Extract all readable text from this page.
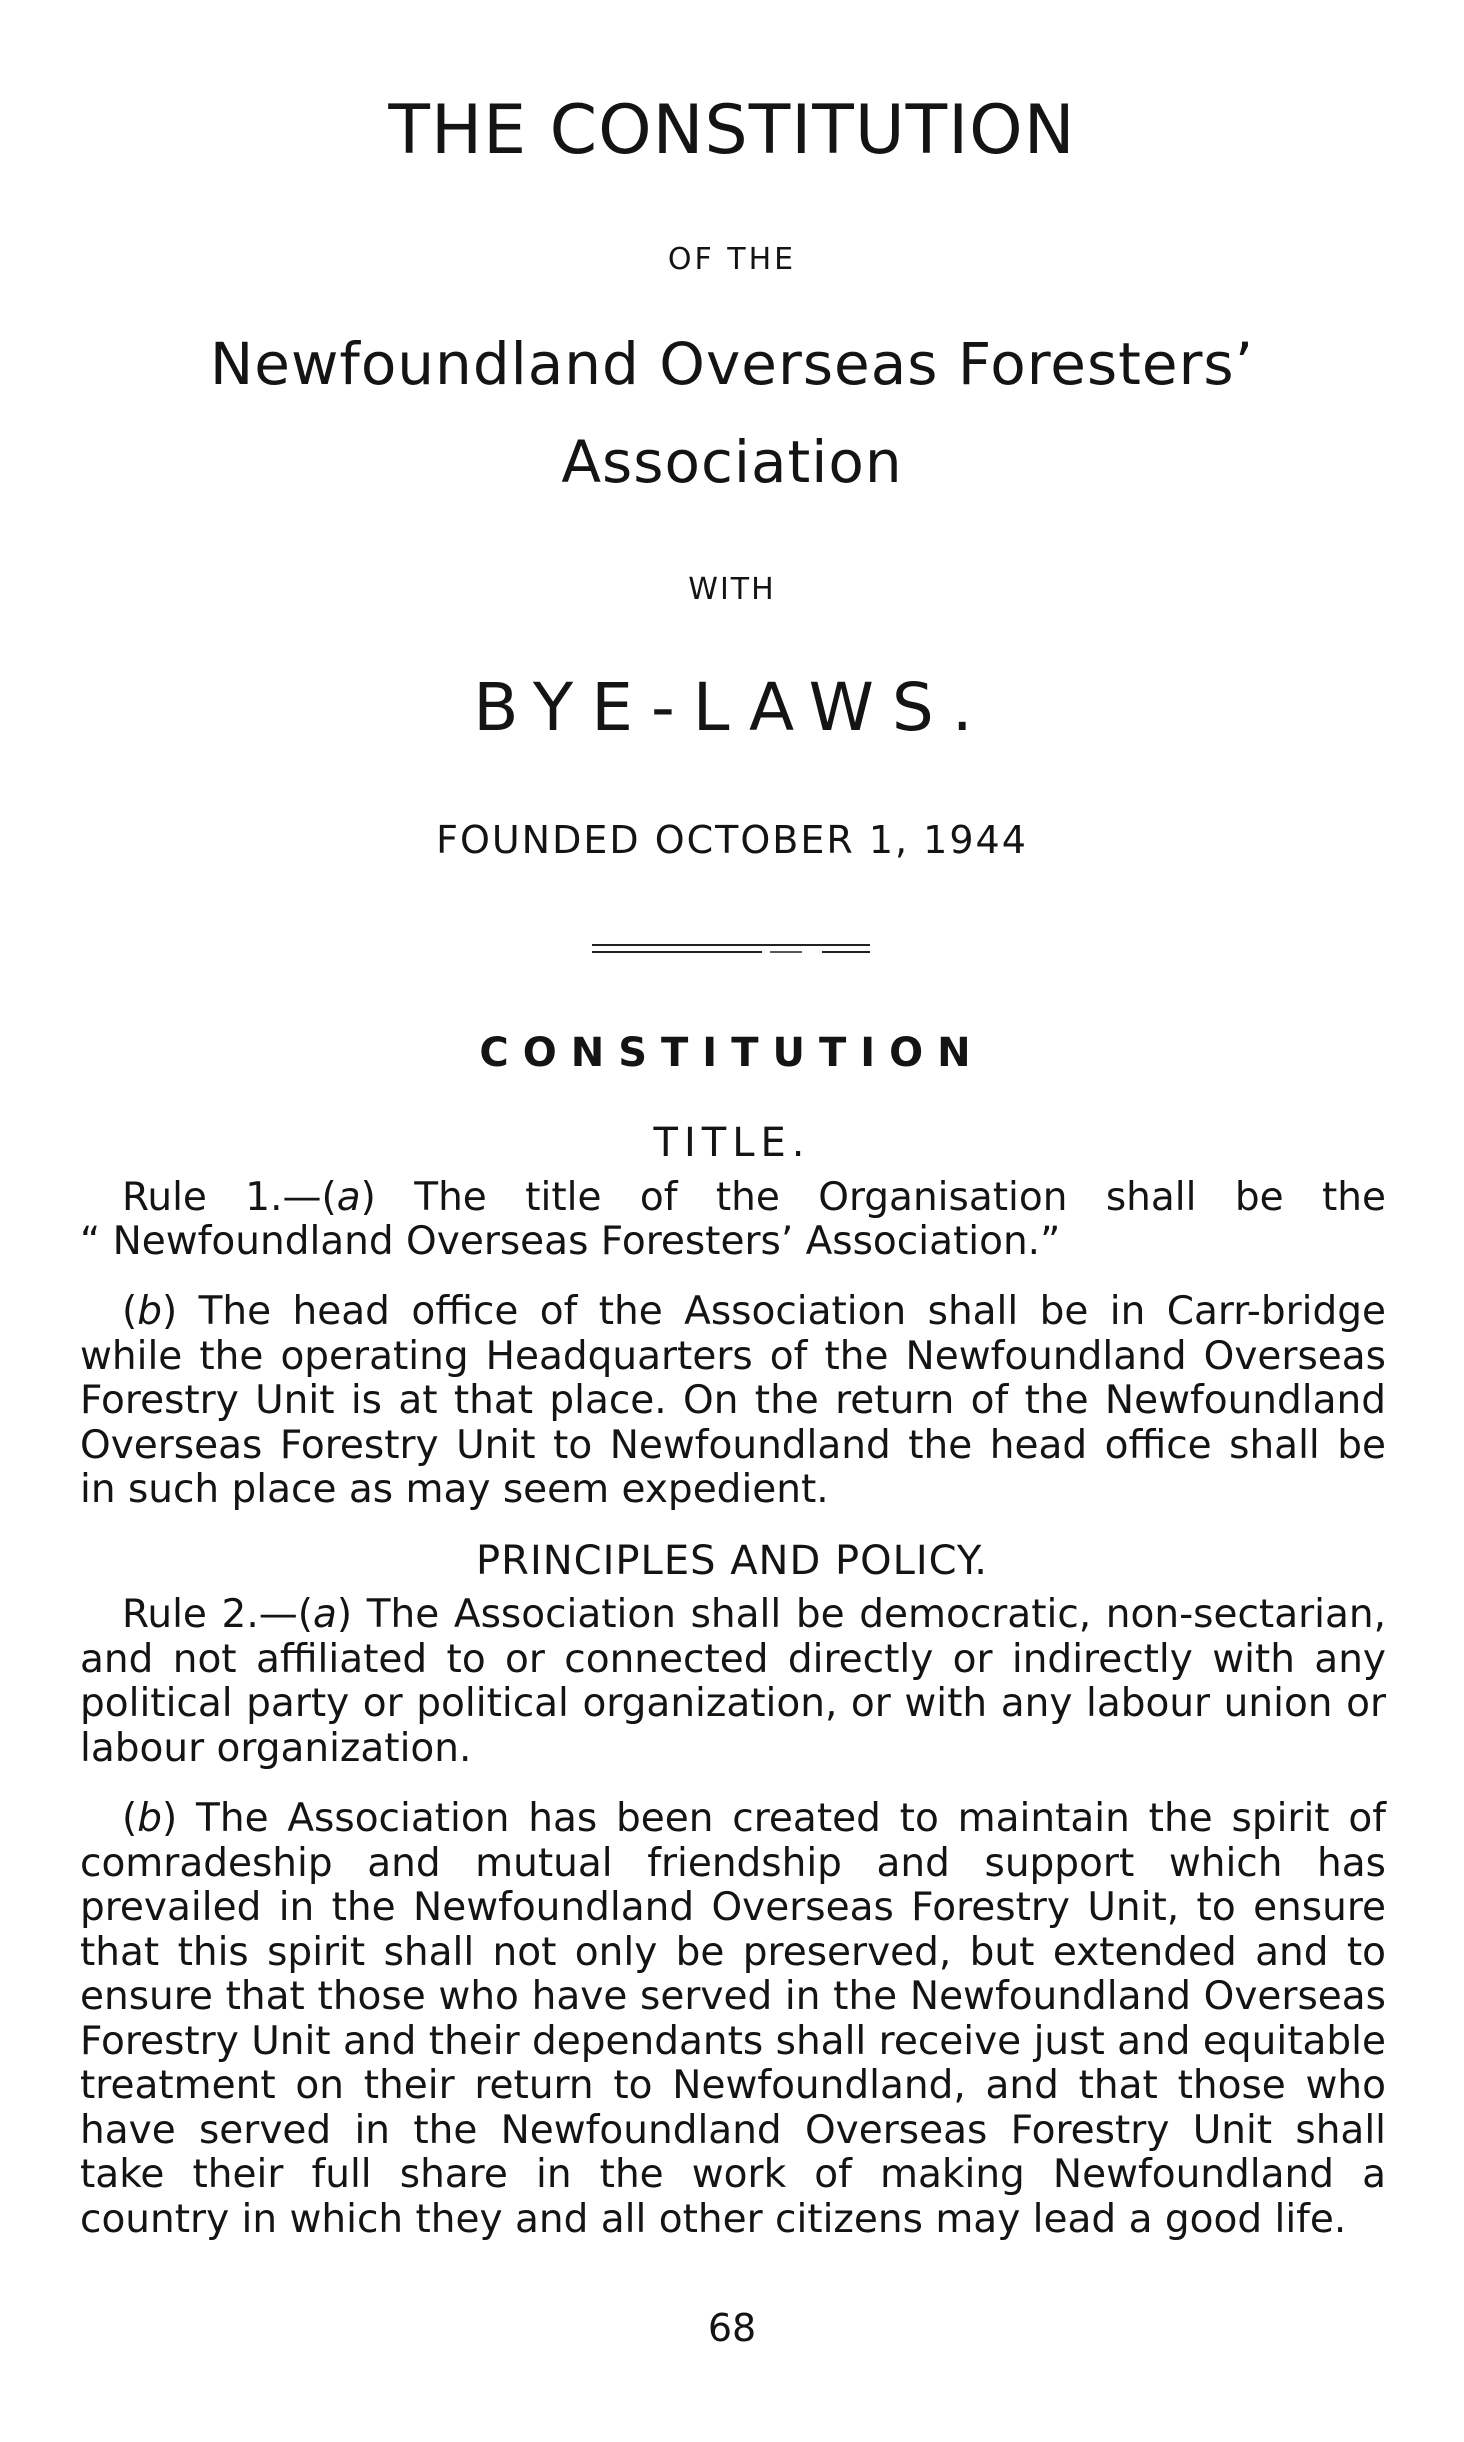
THE CONSTITUTION
OF THE
Newfoundland Overseas Foresters’
Association
WITH
BYE-LAWS.
FOUNDED OCTOBER 1, 1944
CONSTITUTION
TITLE.

Rule 1.—(a) The title of the Organisation shall be the

“ Newfoundland Overseas Foresters’ Association.”

(b) The head office of the Association shall be in Carr-bridge while the operating Headquarters of the Newfoundland Overseas Forestry Unit is at that place. On the return of the Newfoundland Overseas Forestry Unit to Newfoundland the head office shall be in such place as may seem expedient.

PRINCIPLES AND POLICY.

Rule 2.—(a) The Association shall be democratic, non-sectarian, and not affiliated to or connected directly or indirectly with any political party or political organization, or with any labour union or labour organization.

(b) The Association has been created to maintain the spirit of comradeship and mutual friendship and support which has prevailed in the Newfoundland Overseas Forestry Unit, to ensure that this spirit shall not only be preserved, but extended and to ensure that those who have served in the Newfoundland Overseas Forestry Unit and their dependants shall receive just and equitable treatment on their return to Newfoundland, and that those who have served in the Newfoundland Overseas Forestry Unit shall take their full share in the work of making Newfoundland a country in which they and all other citizens may lead a good life.

68
